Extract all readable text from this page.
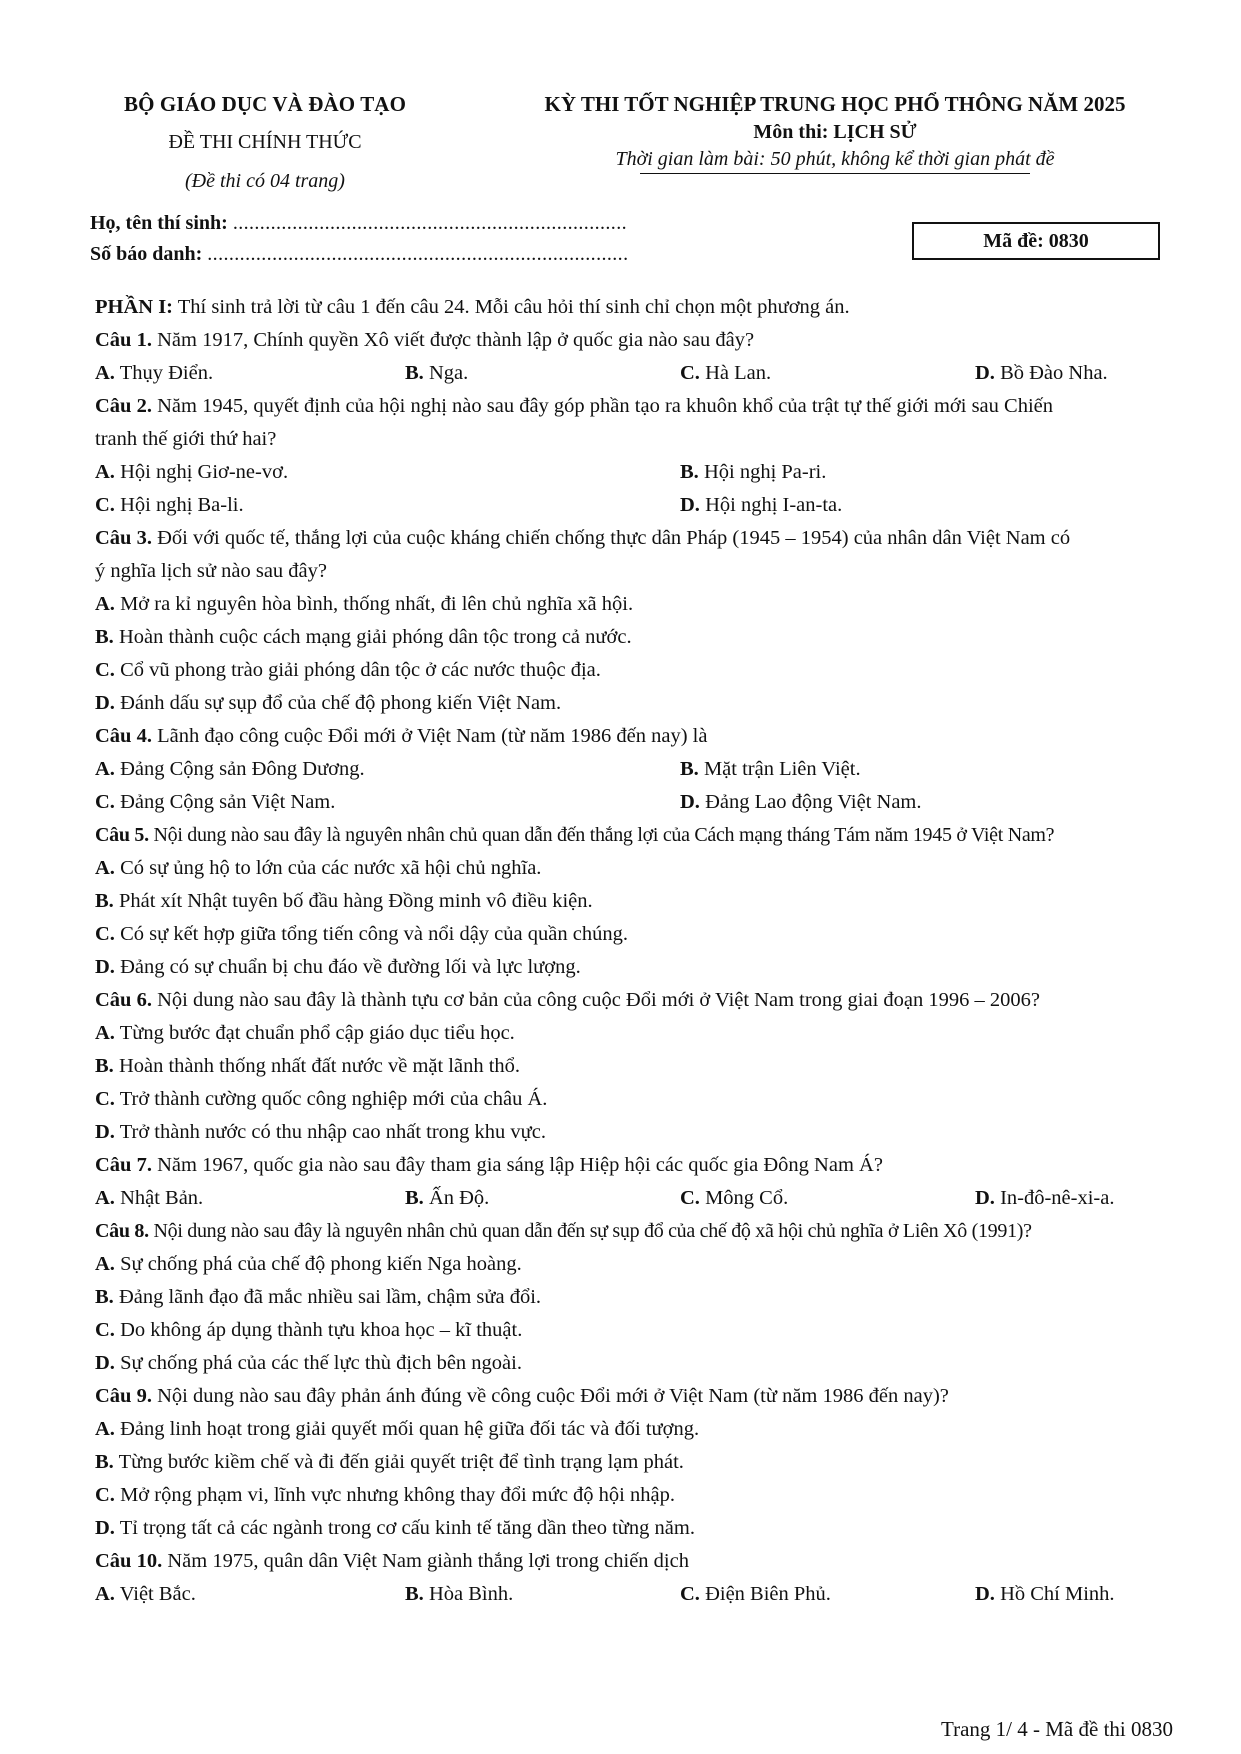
BỘ GIÁO DỤC VÀ ĐÀO TẠO
ĐỀ THI CHÍNH THỨC
(Đề thi có 04 trang)
KỲ THI TỐT NGHIỆP TRUNG HỌC PHỔ THÔNG NĂM 2025
Môn thi: LỊCH SỬ
Thời gian làm bài: 50 phút, không kể thời gian phát đề
Họ, tên thí sinh: .........................................................................
Số báo danh: ..............................................................................
Mã đề: 0830
PHẦN I: Thí sinh trả lời từ câu 1 đến câu 24. Mỗi câu hỏi thí sinh chỉ chọn một phương án.
Câu 1. Năm 1917, Chính quyền Xô viết được thành lập ở quốc gia nào sau đây?
A. Thụy Điển.	B. Nga.	C. Hà Lan.	D. Bồ Đào Nha.
Câu 2. Năm 1945, quyết định của hội nghị nào sau đây góp phần tạo ra khuôn khổ của trật tự thế giới mới sau Chiến
tranh thế giới thứ hai?
A. Hội nghị Giơ-ne-vơ.	B. Hội nghị Pa-ri.
C. Hội nghị Ba-li.	D. Hội nghị I-an-ta.
Câu 3. Đối với quốc tế, thắng lợi của cuộc kháng chiến chống thực dân Pháp (1945 – 1954) của nhân dân Việt Nam có
ý nghĩa lịch sử nào sau đây?
A. Mở ra kỉ nguyên hòa bình, thống nhất, đi lên chủ nghĩa xã hội.
B. Hoàn thành cuộc cách mạng giải phóng dân tộc trong cả nước.
C. Cổ vũ phong trào giải phóng dân tộc ở các nước thuộc địa.
D. Đánh dấu sự sụp đổ của chế độ phong kiến Việt Nam.
Câu 4. Lãnh đạo công cuộc Đổi mới ở Việt Nam (từ năm 1986 đến nay) là
A. Đảng Cộng sản Đông Dương.	B. Mặt trận Liên Việt.
C. Đảng Cộng sản Việt Nam.	D. Đảng Lao động Việt Nam.
Câu 5. Nội dung nào sau đây là nguyên nhân chủ quan dẫn đến thắng lợi của Cách mạng tháng Tám năm 1945 ở Việt Nam?
A. Có sự ủng hộ to lớn của các nước xã hội chủ nghĩa.
B. Phát xít Nhật tuyên bố đầu hàng Đồng minh vô điều kiện.
C. Có sự kết hợp giữa tổng tiến công và nổi dậy của quần chúng.
D. Đảng có sự chuẩn bị chu đáo về đường lối và lực lượng.
Câu 6. Nội dung nào sau đây là thành tựu cơ bản của công cuộc Đổi mới ở Việt Nam trong giai đoạn 1996 – 2006?
A. Từng bước đạt chuẩn phổ cập giáo dục tiểu học.
B. Hoàn thành thống nhất đất nước về mặt lãnh thổ.
C. Trở thành cường quốc công nghiệp mới của châu Á.
D. Trở thành nước có thu nhập cao nhất trong khu vực.
Câu 7. Năm 1967, quốc gia nào sau đây tham gia sáng lập Hiệp hội các quốc gia Đông Nam Á?
A. Nhật Bản.	B. Ấn Độ.	C. Mông Cổ.	D. In-đô-nê-xi-a.
Câu 8. Nội dung nào sau đây là nguyên nhân chủ quan dẫn đến sự sụp đổ của chế độ xã hội chủ nghĩa ở Liên Xô (1991)?
A. Sự chống phá của chế độ phong kiến Nga hoàng.
B. Đảng lãnh đạo đã mắc nhiều sai lầm, chậm sửa đổi.
C. Do không áp dụng thành tựu khoa học – kĩ thuật.
D. Sự chống phá của các thế lực thù địch bên ngoài.
Câu 9. Nội dung nào sau đây phản ánh đúng về công cuộc Đổi mới ở Việt Nam (từ năm 1986 đến nay)?
A. Đảng linh hoạt trong giải quyết mối quan hệ giữa đối tác và đối tượng.
B. Từng bước kiềm chế và đi đến giải quyết triệt để tình trạng lạm phát.
C. Mở rộng phạm vi, lĩnh vực nhưng không thay đổi mức độ hội nhập.
D. Tỉ trọng tất cả các ngành trong cơ cấu kinh tế tăng dần theo từng năm.
Câu 10. Năm 1975, quân dân Việt Nam giành thắng lợi trong chiến dịch
A. Việt Bắc.	B. Hòa Bình.	C. Điện Biên Phủ.	D. Hồ Chí Minh.
Trang 1/ 4 - Mã đề thi 0830
